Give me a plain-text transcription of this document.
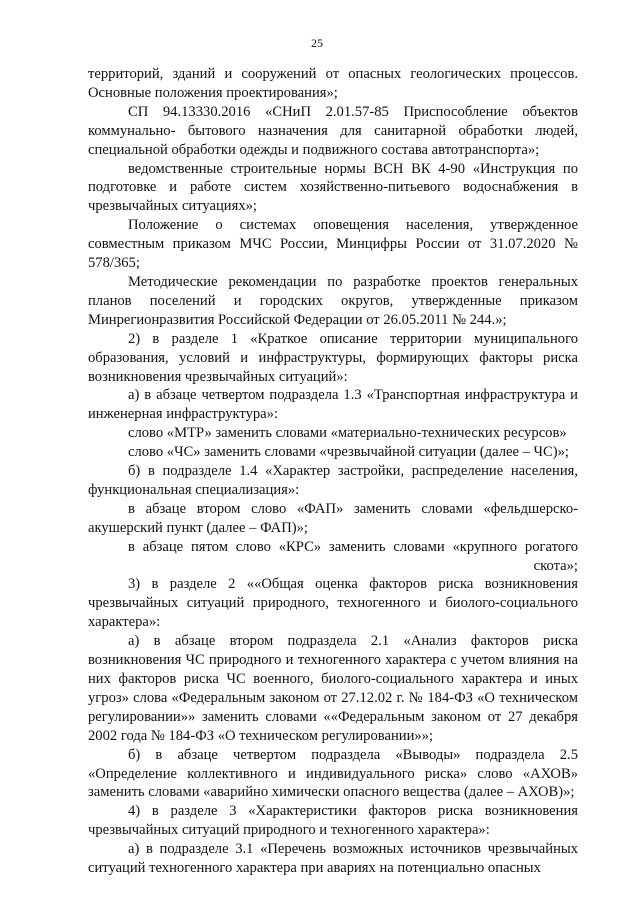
25

территорий, зданий и сооружений от опасных геологических процессов. Основные положения проектирования»;

СП 94.13330.2016 «СНиП 2.01.57-85 Приспособление объектов коммунально- бытового назначения для санитарной обработки людей, специальной обработки одежды и подвижного состава автотранспорта»;

ведомственные строительные нормы ВСН ВК 4-90 «Инструкция по подготовке и работе систем хозяйственно-питьевого водоснабжения в чрезвычайных ситуациях»;

Положение о системах оповещения населения, утвержденное совместным приказом МЧС России, Минцифры России от 31.07.2020 № 578/365;

Методические рекомендации по разработке проектов генеральных планов поселений и городских округов, утвержденные приказом Минрегионразвития Российской Федерации от 26.05.2011 № 244.»;

2) в разделе 1 «Краткое описание территории муниципального образования, условий и инфраструктуры, формирующих факторы риска возникновения чрезвычайных ситуаций»:

а) в абзаце четвертом подраздела 1.3 «Транспортная инфраструктура и инженерная инфраструктура»:

слово «МТР» заменить словами «материально-технических ресурсов»

слово «ЧС» заменить словами «чрезвычайной ситуации (далее – ЧС)»;

б) в подразделе 1.4 «Характер застройки, распределение населения, функциональная специализация»:

в абзаце втором слово «ФАП» заменить словами «фельдшерско-акушерский пункт (далее – ФАП)»;

в абзаце пятом слово «КРС» заменить словами «крупного рогатого скота»;

3) в разделе 2 ««Общая оценка факторов риска возникновения чрезвычайных ситуаций природного, техногенного и биолого-социального характера»:

а) в абзаце втором подраздела 2.1 «Анализ факторов риска возникновения ЧС природного и техногенного характера с учетом влияния на них факторов риска ЧС военного, биолого-социального характера и иных угроз» слова «Федеральным законом от 27.12.02 г. № 184-ФЗ «О техническом регулировании»» заменить словами ««Федеральным законом от 27 декабря 2002 года № 184-ФЗ «О техническом регулировании»»;

б) в абзаце четвертом подраздела «Выводы» подраздела 2.5 «Определение коллективного и индивидуального риска» слово «АХОВ» заменить словами «аварийно химически опасного вещества (далее – АХОВ)»;

4) в разделе 3 «Характеристики факторов риска возникновения чрезвычайных ситуаций природного и техногенного характера»:

а) в подразделе 3.1 «Перечень возможных источников чрезвычайных ситуаций техногенного характера при авариях на потенциально опасных
